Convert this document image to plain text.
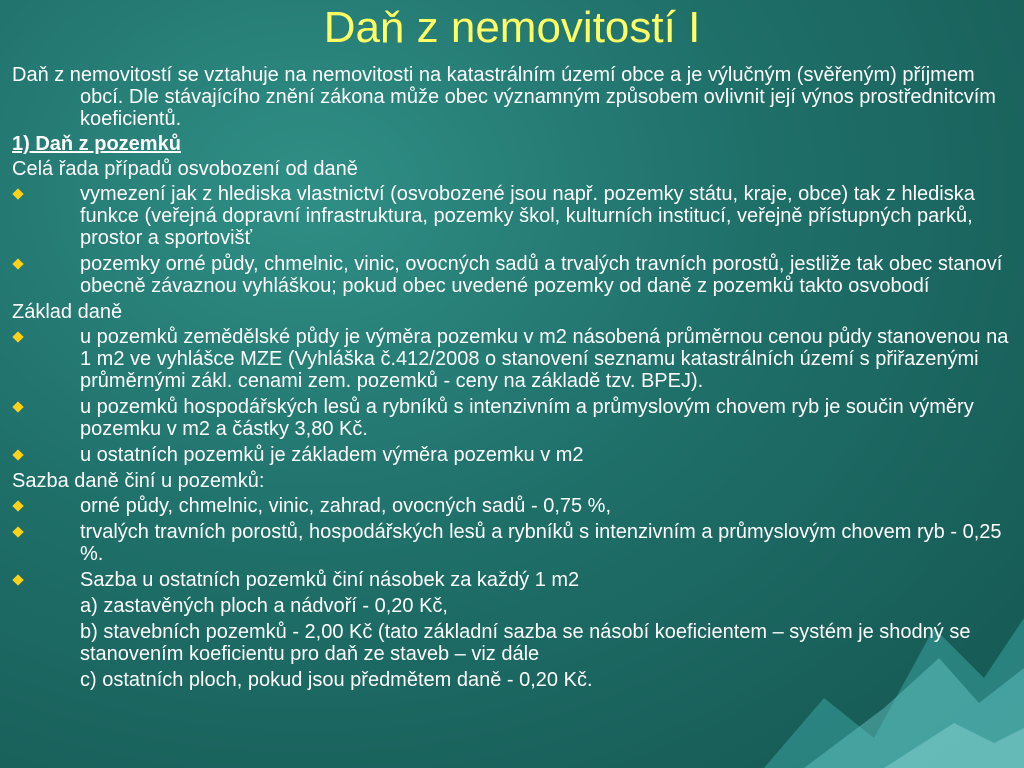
Daň z nemovitostí I
Daň z nemovitostí se vztahuje na nemovitosti na katastrálním území obce a je výlučným (svěřeným) příjmem obcí. Dle stávajícího znění zákona může obec významným způsobem ovlivnit její výnos prostřednitcvím koeficientů.
1) Daň z pozemků
Celá řada případů osvobození od daně
vymezení jak z hlediska vlastnictví (osvobozené jsou např. pozemky státu, kraje, obce) tak z hlediska funkce (veřejná dopravní infrastruktura, pozemky škol, kulturních institucí, veřejně přístupných parků, prostor a sportovišť
pozemky orné půdy, chmelnic, vinic, ovocných sadů a trvalých travních porostů, jestliže tak obec stanoví obecně závaznou vyhláškou; pokud obec uvedené pozemky od daně z pozemků takto osvobodí
Základ daně
u pozemků zemědělské půdy je výměra pozemku v m2 násobená průměrnou cenou půdy stanovenou na 1 m2 ve vyhlášce MZE (Vyhláška č.412/2008 o stanovení seznamu katastrálních území s přiřazenými průměrnými zákl. cenami zem. pozemků - ceny na základě tzv. BPEJ).
u pozemků hospodářských lesů a rybníků s intenzivním a průmyslovým chovem ryb je součin výměry pozemku v m2 a částky 3,80 Kč.
u ostatních pozemků je základem výměra pozemku v m2
Sazba daně činí u pozemků:
orné půdy, chmelnic, vinic, zahrad, ovocných sadů - 0,75 %,
trvalých travních porostů, hospodářských lesů a rybníků s intenzivním a průmyslovým chovem ryb - 0,25 %.
Sazba u ostatních pozemků činí násobek za každý 1 m2
a) zastavěných ploch a nádvoří - 0,20 Kč,
b) stavebních pozemků - 2,00 Kč (tato základní sazba se násobí koeficientem – systém je shodný se stanovením koeficientu pro daň ze staveb – viz dále
c) ostatních ploch, pokud jsou předmětem daně - 0,20 Kč.
